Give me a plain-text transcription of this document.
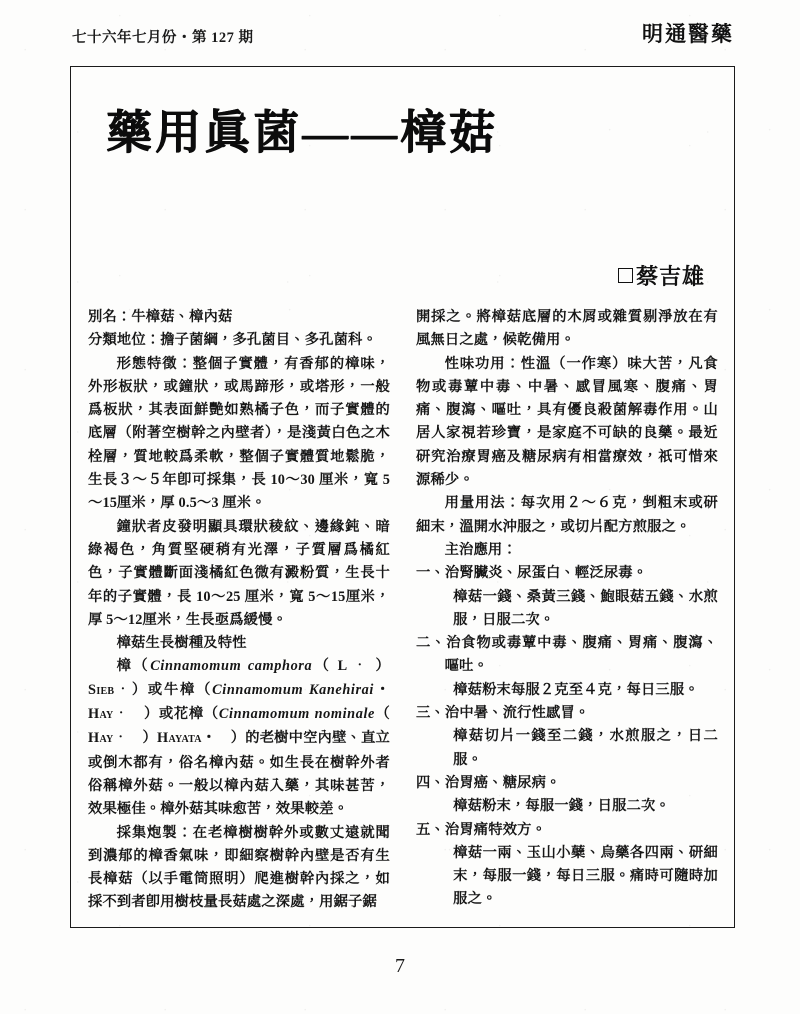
七十六年七月份・第 127 期	明通醫藥
藥用眞菌——樟菇
蔡吉雄

別名：牛樟菇、樟內菇

分類地位：擔子菌綱，多孔菌目、多孔菌科。

形態特徵：整個子實體，有香郁的樟味，外形板狀，或鐘狀，或馬蹄形，或塔形，一般爲板狀，其表面鮮艷如熟橘子色，而子實體的底層（附著空樹幹之內壁者），是淺黃白色之木栓層，質地較爲柔軟，整個子實體質地鬆脆，生長３～５年卽可採集，長 10～30 厘米，寬 5～15厘米，厚 0.5～3 厘米。

鐘狀者皮發明顯具環狀稜紋、邊緣鈍、暗綠褐色，角質堅硬稍有光澤，子質層爲橘紅色，子實體斷面淺橘紅色微有澱粉質，生長十年的子實體，長 10～25 厘米，寬 5～15厘米，厚 5～12厘米，生長亟爲緩慢。

樟菇生長樹種及特性

樟（Cinnamomum camphora（ L ． ）SIEB．）或牛樟（Cinnamomum Kanehirai・HAY．　）或花樟（Cinnamomum nominale（ HAY．　）HAYATA・　）的老樹中空內壁、直立或倒木都有，俗名樟內菇。如生長在樹幹外者俗稱樟外菇。一般以樟內菇入藥，其味甚苦，效果極佳。樟外菇其味愈苦，效果較差。

採集炮製：在老樟樹樹幹外或數丈遠就聞到濃郁的樟香氣味，即細察樹幹內壁是否有生長樟菇（以手電筒照明）爬進樹幹內採之，如採不到者卽用樹枝量長菇處之深處，用鋸子鋸

開採之。將樟菇底層的木屑或雜質剔淨放在有風無日之處，候乾備用。

性味功用：性溫（一作寒）味大苦，凡食物或毒蕈中毒、中暑、感冒風寒、腹痛、胃痛、腹瀉、嘔吐，具有優良殺菌解毒作用。山居人家視若珍寶，是家庭不可缺的良藥。最近研究治療胃癌及糖尿病有相當療效，祇可惜來源稀少。

用量用法：每次用２～６克，剉粗末或研細末，溫開水沖服之，或切片配方煎服之。

主治應用：

一、治腎臟炎、尿蛋白、輕泛尿毒。

樟菇一錢、桑黃三錢、鮑眼菇五錢、水煎服，日服二次。

二、治食物或毒蕈中毒、腹痛、胃痛、腹瀉、嘔吐。

樟菇粉末每服２克至４克，每日三服。

三、治中暑、流行性感冒。

樟菇切片一錢至二錢，水煎服之，日二服。

四、治胃癌、糖尿病。

樟菇粉末，每服一錢，日服二次。

五、治胃痛特效方。

樟菇一兩、玉山小蘗、烏藥各四兩、研細末，每服一錢，每日三服。痛時可隨時加服之。

7
